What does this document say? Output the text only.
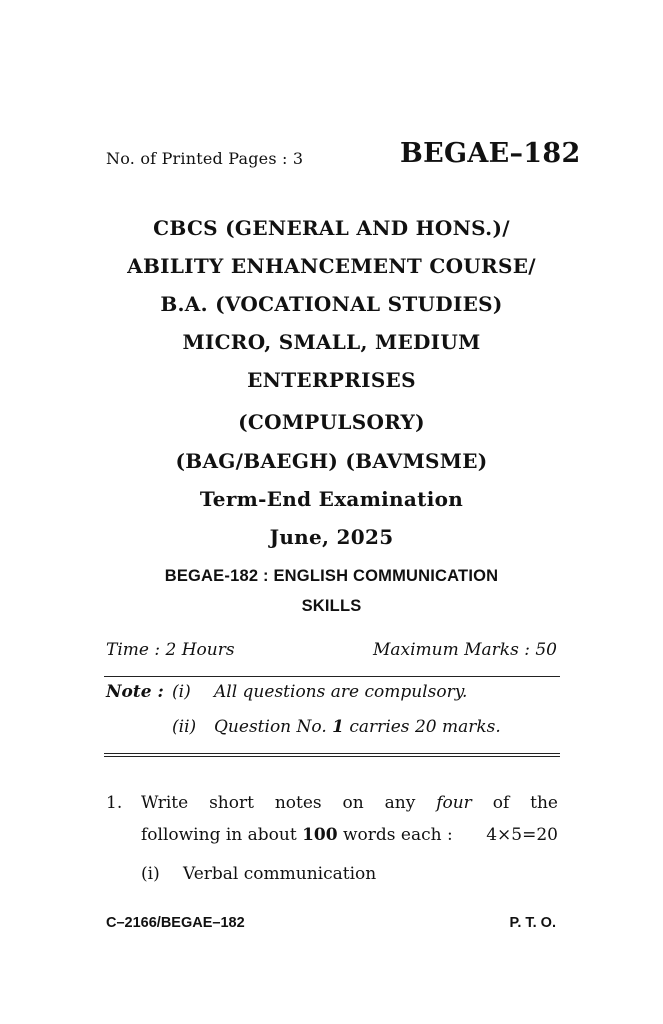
No. of Printed Pages : 3	BEGAE–182
CBCS (GENERAL AND HONS.)/
ABILITY ENHANCEMENT COURSE/
B.A. (VOCATIONAL STUDIES)
MICRO, SMALL, MEDIUM
ENTERPRISES
(COMPULSORY)
(BAG/BAEGH) (BAVMSME)
Term-End Examination
June, 2025
BEGAE-182 : ENGLISH COMMUNICATION
SKILLS
Time : 2 Hours	Maximum Marks : 50
Note : (i) All questions are compulsory.
(ii) Question No. 1 carries 20 marks.
1. Write short notes on any four of the
following in about 100 words each : 4×5=20
(i) Verbal communication
C–2166/BEGAE–182	P. T. O.
